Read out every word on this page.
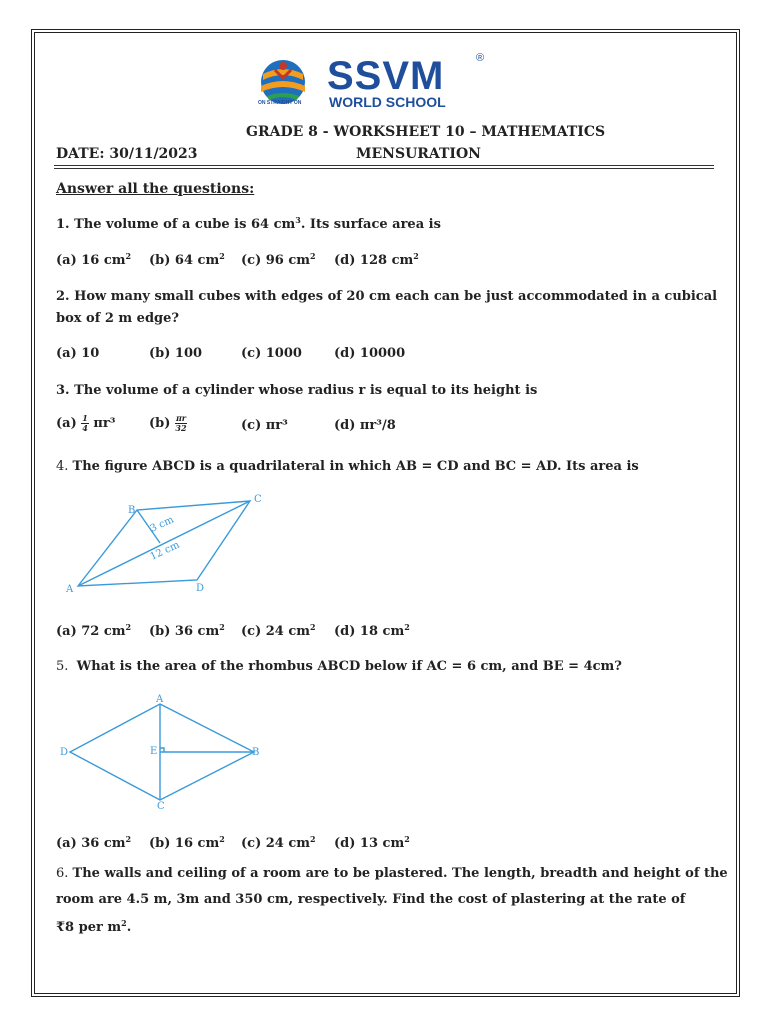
ON STRAIGHT ON
SSVM	®
WORLD SCHOOL
GRADE 8 - WORKSHEET 10 – MATHEMATICS
DATE: 30/11/2023	MENSURATION
Answer all the questions:
1. The volume of a cube is 64 $cm^3$. Its surface area is
(a) 16 $cm^2$ (b) 64 $cm^2$ (c) 96 $cm^2$ (d) 128 $cm^2$
2. How many small cubes with edges of 20 cm each can be just accommodated in a cubical
box of 2 m edge?
(a) 10	(b) 100	(c) 1000 (d) 10000
3. The volume of a cylinder whose radius r is equal to its height is
$(a) \frac{1}{4} \pi r^3$	$(b) \frac{\pi r}{32}$	(c) πr³	(d) πr³/8
4. The figure ABCD is a quadrilateral in which AB = CD and BC = AD. Its area is
A
B
C
D
3 cm
12 cm
(a) 72 $cm^2$ (b) 36 $cm^2$ (c) 24 $cm^2$ (d) 18 $cm^2$
5. What is the area of the rhombus ABCD below if AC = 6 cm, and BE = 4cm?
A
B
C
D	E
(a) 36 $cm^2$ (b) 16 $cm^2$ (c) 24 $cm^2$ (d) 13 $cm^2$
6. The walls and ceiling of a room are to be plastered. The length, breadth and height of the
room are 4.5 m, 3m and 350 cm, respectively. Find the cost of plastering at the rate of
₹8 per $m^2$.
